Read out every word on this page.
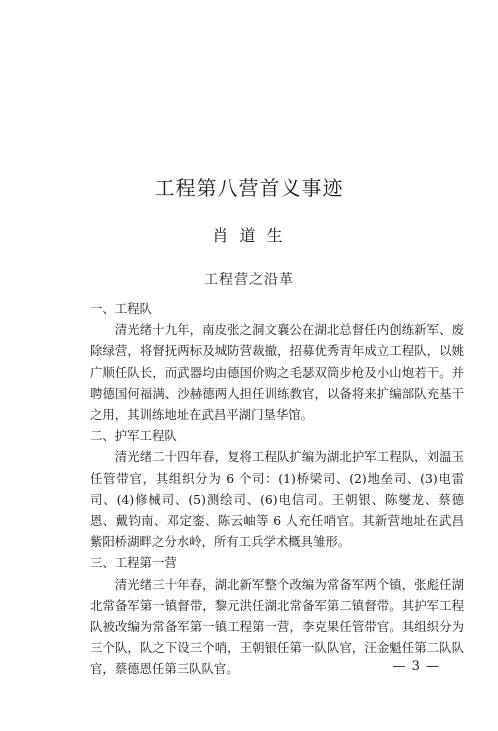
工程第八营首义事迹
肖 道 生
工程营之沿革

一、工程队

清光绪十九年，南皮张之洞文襄公在湖北总督任内创练新军、废除绿营，将督抚两标及城防营裁撤，招募优秀青年成立工程队，以姚广顺任队长，而武器均由德国价购之毛瑟双筒步枪及小山炮若干。并聘德国何福满、沙赫德两人担任训练教官，以备将来扩编部队充基干之用，其训练地址在武昌平湖门垦华馆。

二、护军工程队

清光绪二十四年春，复将工程队扩编为湖北护军工程队，刘温玉 任管带官，其组织分为 6 个司：(1)桥梁司、(2)地垒司、(3)电雷司、(4)修械司、(5)测绘司、(6)电信司。王朝银、陈燮龙、蔡德恩、戴钧南、邓定銮、陈云岫等 6 人充任哨官。其新营地址在武昌紫阳桥湖畔之分水岭，所有工兵学术概具雏形。

三、工程第一营

清光绪三十年春，湖北新军整个改编为常备军两个镇，张彪任湖北常备军第一镇督带，黎元洪任湖北常备军第二镇督带。其护军工程队被改编为常备军第一镇工程第一营，李克果任管带官。其组织分为三个队，队之下设三个哨，王朝银任第一队队官，汪金魁任第二队队 官，蔡德恩任第三队队官。	— 3 —
